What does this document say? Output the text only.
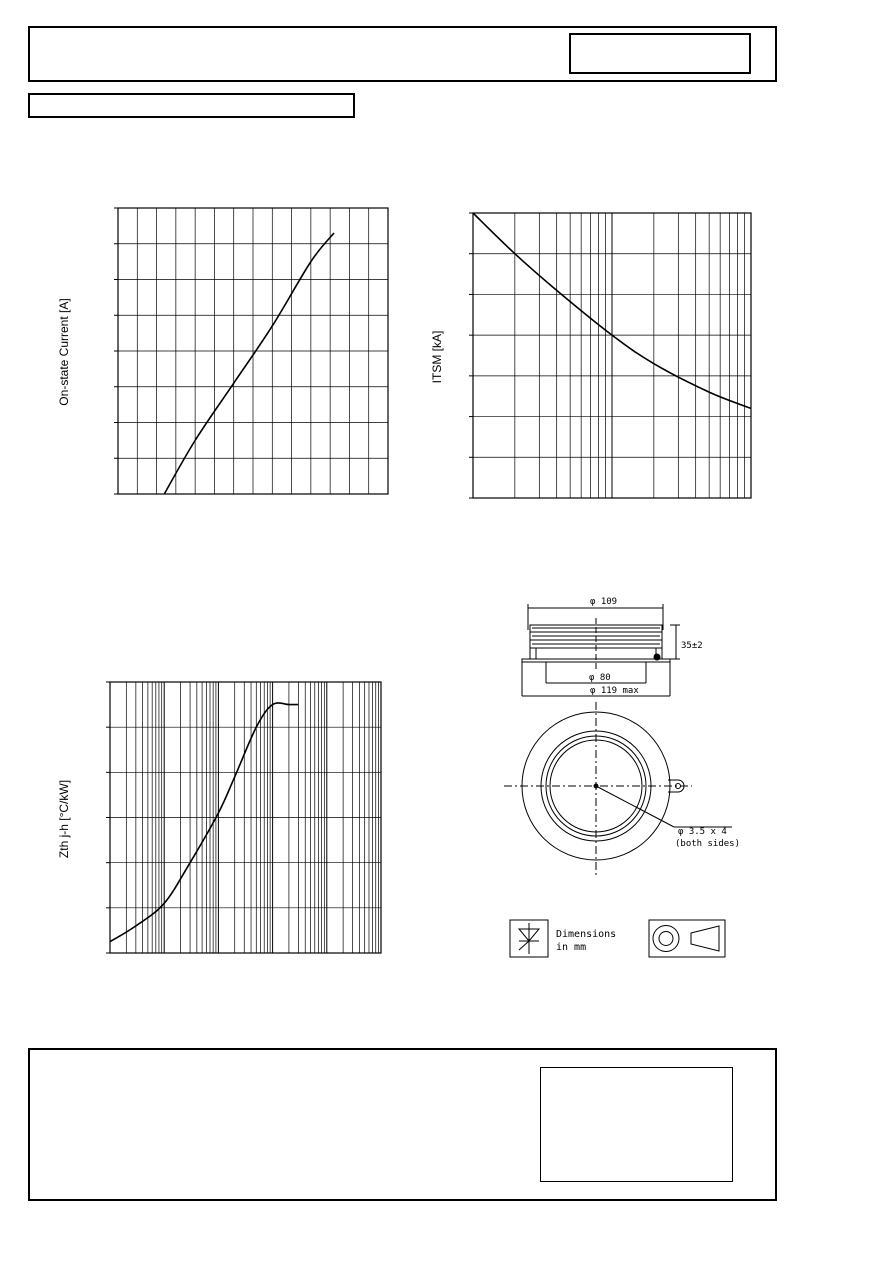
On-state Current [A]	ITSM [kA]
Zth j-h [°C/kW]
φ 109
35±2
φ 80
φ 119 max
φ 3.5 x 4
(both sides)
Dimensions
in mm
